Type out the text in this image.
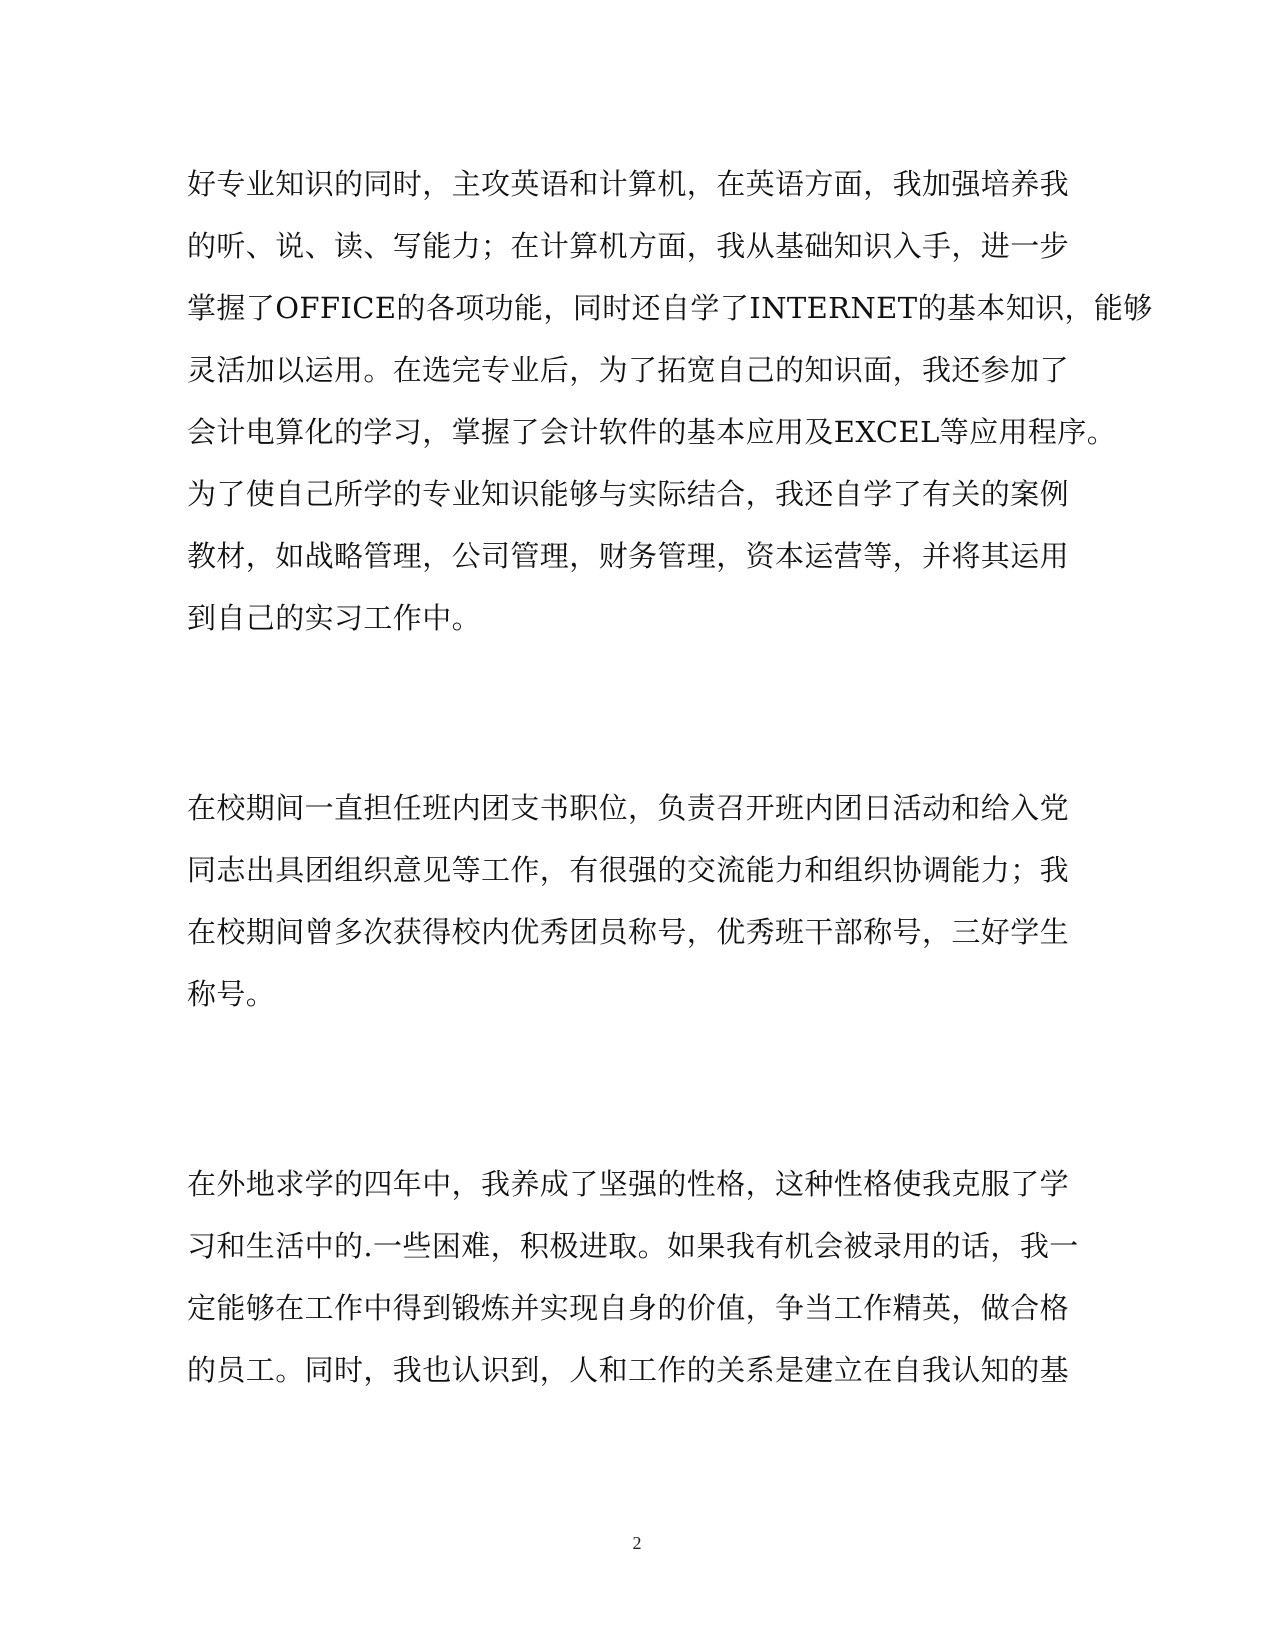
好专业知识的同时，主攻英语和计算机，在英语方面，我加强培养我
的听、说、读、写能力；在计算机方面，我从基础知识入手，进一步
掌握了OFFICE的各项功能，同时还自学了INTERNET的基本知识，能够
灵活加以运用。在选完专业后，为了拓宽自己的知识面，我还参加了
会计电算化的学习，掌握了会计软件的基本应用及EXCEL等应用程序。
为了使自己所学的专业知识能够与实际结合，我还自学了有关的案例
教材，如战略管理，公司管理，财务管理，资本运营等，并将其运用
到自己的实习工作中。
在校期间一直担任班内团支书职位，负责召开班内团日活动和给入党
同志出具团组织意见等工作，有很强的交流能力和组织协调能力；我
在校期间曾多次获得校内优秀团员称号，优秀班干部称号，三好学生
称号。
在外地求学的四年中，我养成了坚强的性格，这种性格使我克服了学
习和生活中的.一些困难，积极进取。如果我有机会被录用的话，我一
定能够在工作中得到锻炼并实现自身的价值，争当工作精英，做合格
的员工。同时，我也认识到，人和工作的关系是建立在自我认知的基
2
